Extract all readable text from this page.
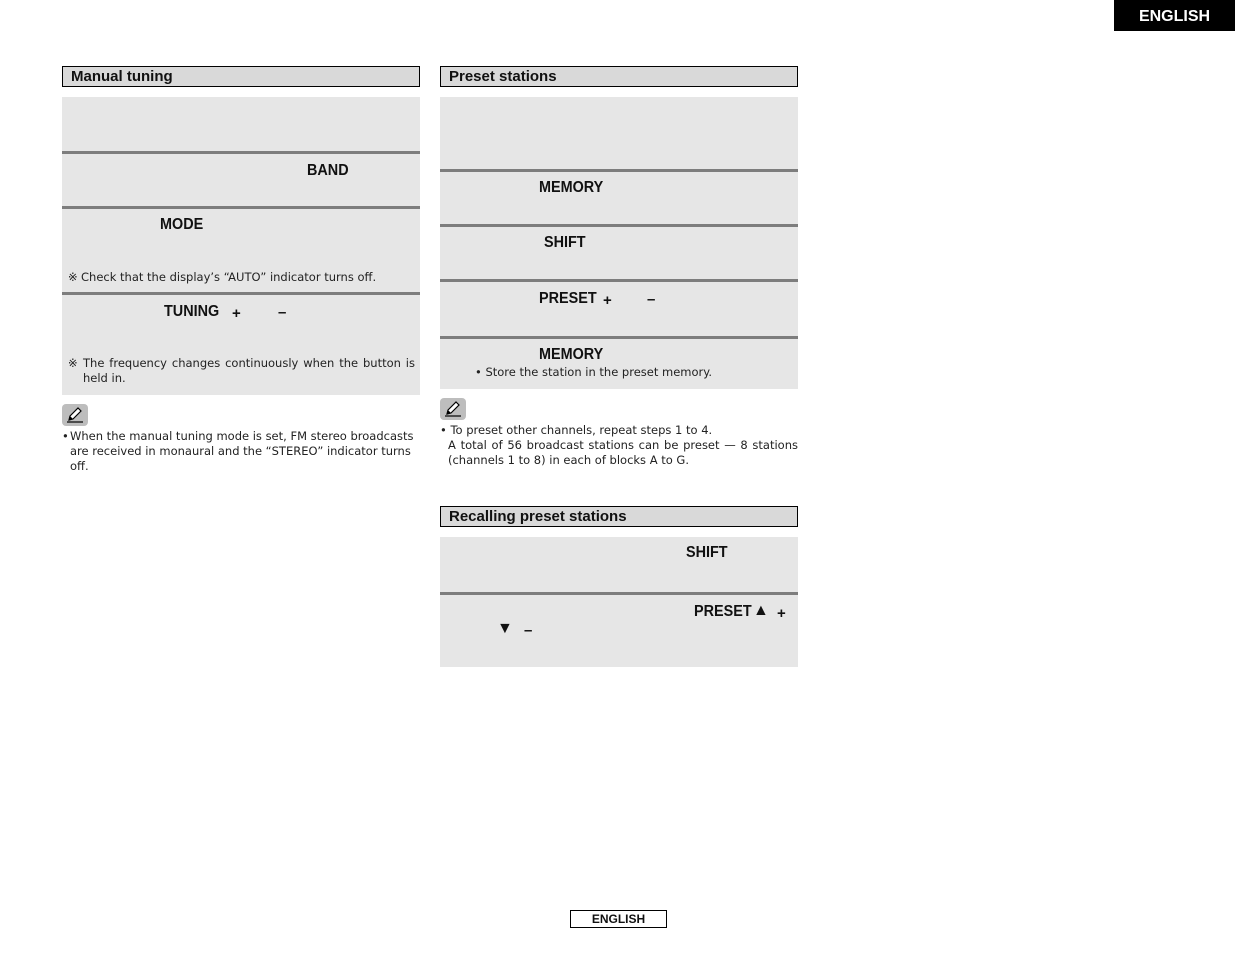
ENGLISH
Manual tuning
BAND
MODE
※ Check that the display’s “AUTO” indicator turns off.
TUNING + –
※ The frequency changes continuously when the button is held in.
• When the manual tuning mode is set, FM stereo broadcasts are received in monaural and the “STEREO” indicator turns off.
Preset stations
MEMORY
SHIFT
PRESET + –
MEMORY
• Store the station in the preset memory.
• To preset other channels, repeat steps 1 to 4.
A total of 56 broadcast stations can be preset — 8 stations (channels 1 to 8) in each of blocks A to G.
Recalling preset stations
SHIFT
PRESET ▲ +
▼ –
ENGLISH
